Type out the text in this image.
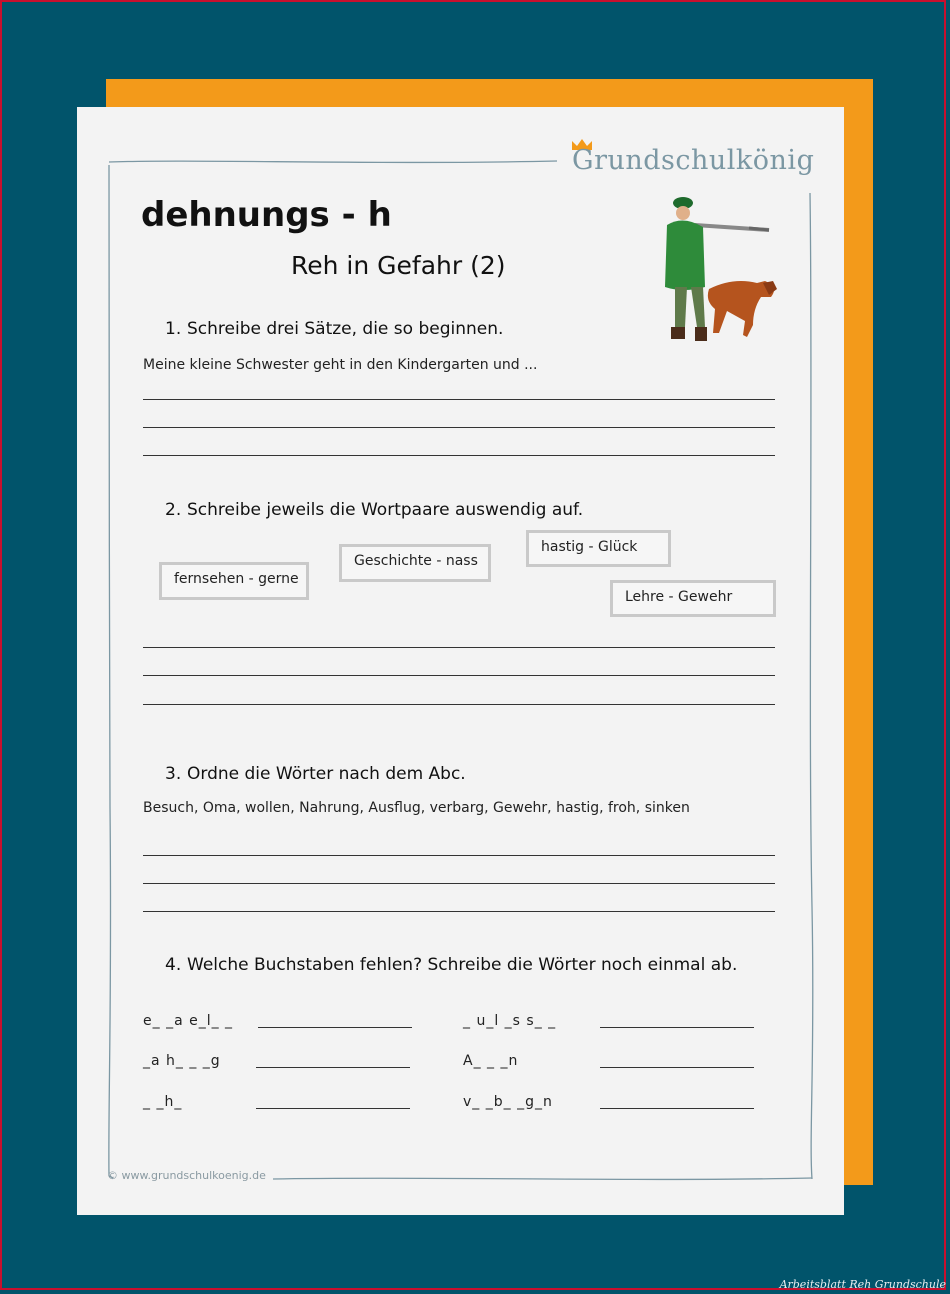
Grundschulkönig
dehnungs - h
Reh in Gefahr (2)
1. Schreibe drei Sätze, die so beginnen.
Meine kleine Schwester geht in den Kindergarten und ...
2. Schreibe jeweils die Wortpaare auswendig auf.
fernsehen - gerne
Geschichte - nass
hastig - Glück
Lehre - Gewehr
3. Ordne die Wörter nach dem Abc.
Besuch, Oma, wollen, Nahrung, Ausflug, verbarg, Gewehr, hastig, froh, sinken
4. Welche Buchstaben fehlen? Schreibe die Wörter noch einmal ab.
e_ _a e_l_ _	_ u_l _s s_ _
_a h_ _ _g	A_ _ _n
_ _h_	v_ _b_ _g_n
© www.grundschulkoenig.de
Arbeitsblatt Reh Grundschule
